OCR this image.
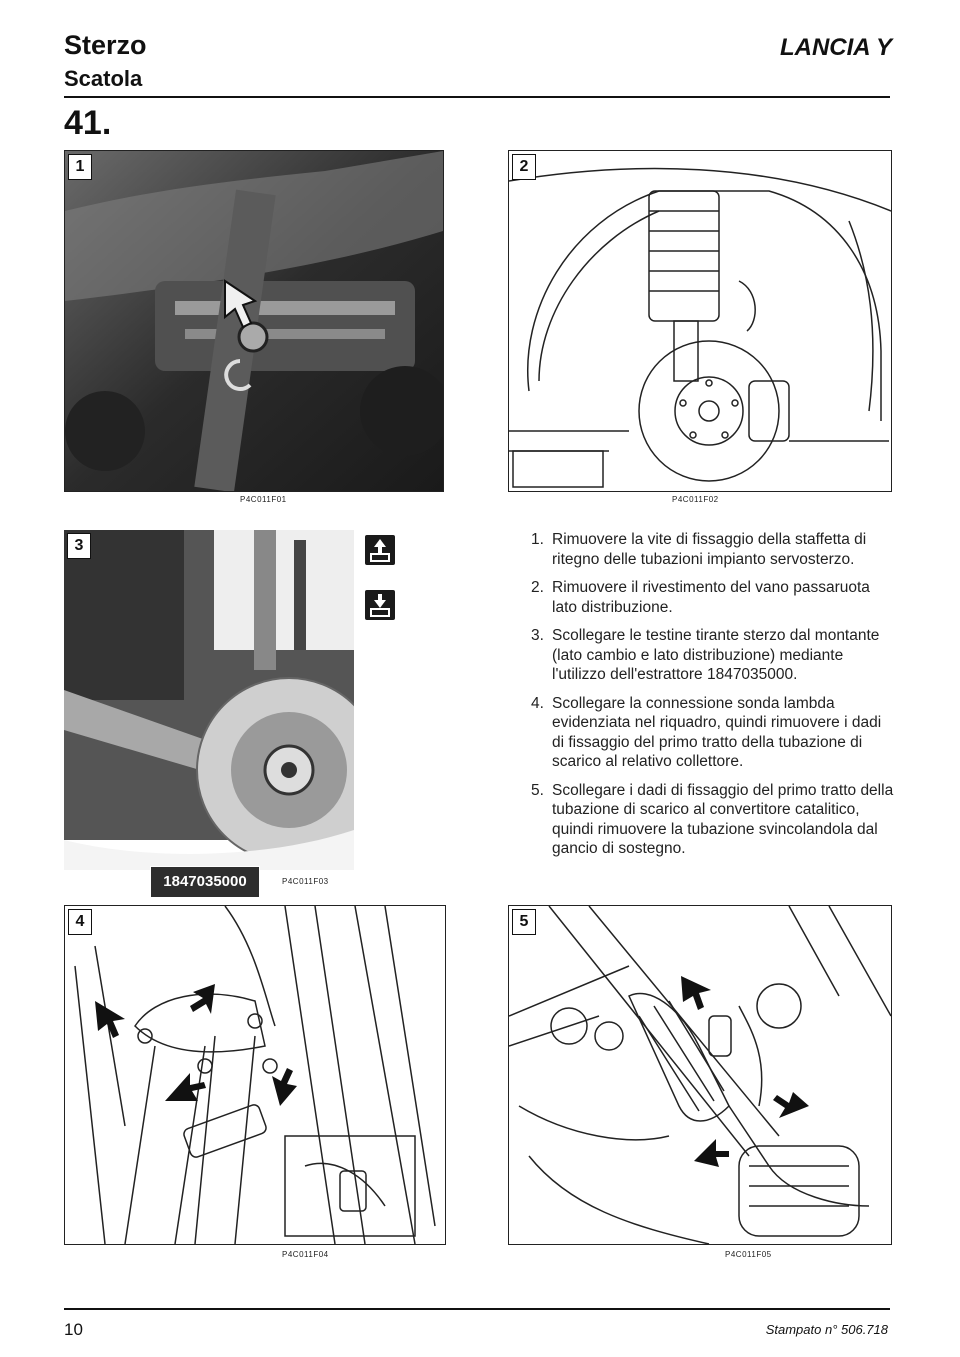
Sterzo
Scatola
LANCIA Y
41.
1
P4C011F01
2
P4C011F02
3
1847035000	P4C011F03
1. Rimuovere la vite di fissaggio della staffetta di ritegno delle tubazioni impianto servosterzo.
2. Rimuovere il rivestimento del vano passaruota lato distribuzione.
3. Scollegare le testine tirante sterzo dal montante (lato cambio e lato distribuzione) mediante l'utilizzo dell'estrattore 1847035000.
4. Scollegare la connessione sonda lambda evidenziata nel riquadro, quindi rimuovere i dadi di fissaggio del primo tratto della tubazione di scarico al relativo collettore.
5. Scollegare i dadi di fissaggio del primo tratto della tubazione di scarico al convertitore catalitico, quindi rimuovere la tubazione svincolandola dal gancio di sostegno.
4
P4C011F04
5
P4C011F05
10	Stampato n° 506.718
